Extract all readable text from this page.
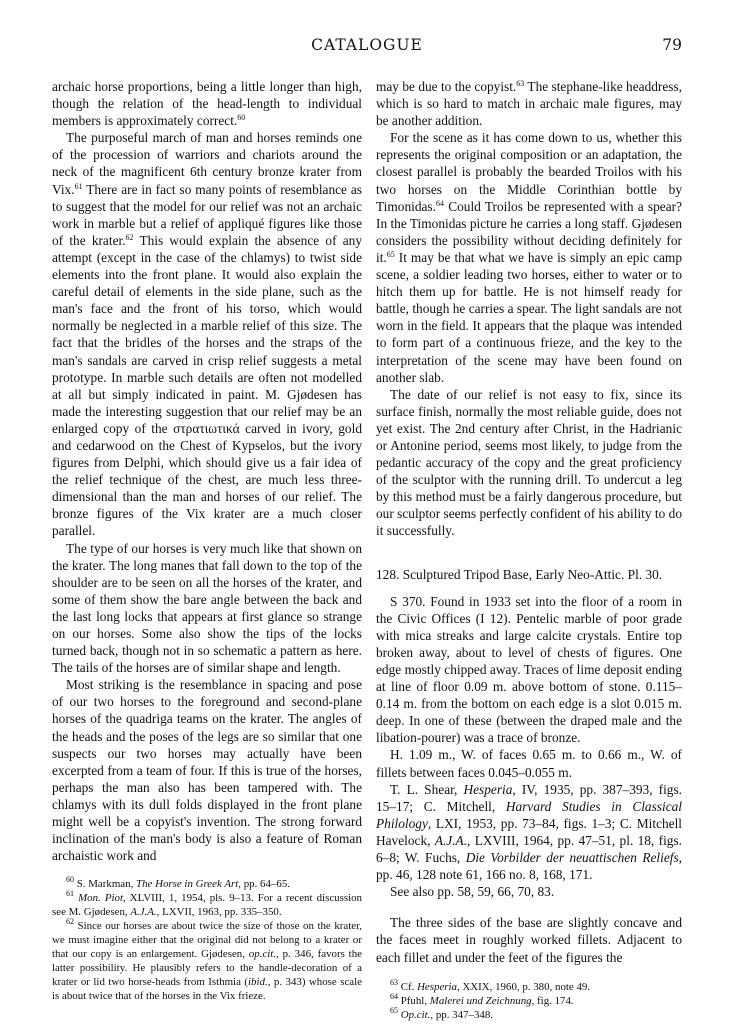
CATALOGUE	79

archaic horse proportions, being a little longer than high, though the relation of the head-length to individual members is approximately correct.$^{60}$

The purposeful march of man and horses reminds one of the procession of warriors and chariots around the neck of the magnificent 6th century bronze krater from Vix.$^{61}$ There are in fact so many points of resemblance as to suggest that the model for our relief was not an archaic work in marble but a relief of appliqué figures like those of the krater.$^{62}$ This would explain the absence of any attempt (except in the case of the chlamys) to twist side elements into the front plane. It would also explain the careful detail of elements in the side plane, such as the man's face and the front of his torso, which would normally be neglected in a marble relief of this size. The fact that the bridles of the horses and the straps of the man's sandals are carved in crisp relief suggests a metal prototype. In marble such details are often not modelled at all but simply indicated in paint. M. Gjødesen has made the interesting suggestion that our relief may be an enlarged copy of the στρατιωτικά carved in ivory, gold and cedarwood on the Chest of Kypselos, but the ivory figures from Delphi, which should give us a fair idea of the relief technique of the chest, are much less three-dimensional than the man and horses of our relief. The bronze figures of the Vix krater are a much closer parallel.

The type of our horses is very much like that shown on the krater. The long manes that fall down to the top of the shoulder are to be seen on all the horses of the krater, and some of them show the bare angle between the back and the last long locks that appears at first glance so strange on our horses. Some also show the tips of the locks turned back, though not in so schematic a pattern as here. The tails of the horses are of similar shape and length.

Most striking is the resemblance in spacing and pose of our two horses to the foreground and second-plane horses of the quadriga teams on the krater. The angles of the heads and the poses of the legs are so similar that one suspects our two horses may actually have been excerpted from a team of four. If this is true of the horses, perhaps the man also has been tampered with. The chlamys with its dull folds displayed in the front plane might well be a copyist's invention. The strong forward inclination of the man's body is also a feature of Roman archaistic work and

$^{60}$ S. Markman, The Horse in Greek Art, pp. 64–65.

$^{61}$ Mon. Piot, XLVIII, 1, 1954, pls. 9–13. For a recent discussion see M. Gjødesen, A.J.A., LXVII, 1963, pp. 335–350.

$^{62}$ Since our horses are about twice the size of those on the krater, we must imagine either that the original did not belong to a krater or that our copy is an enlargement. Gjødesen, op.cit., p. 346, favors the latter possibility. He plausibly refers to the handle-decoration of a krater or lid two horse-heads from Isthmia (ibid., p. 343) whose scale is about twice that of the horses in the Vix frieze.

may be due to the copyist.$^{63}$ The stephane-like headdress, which is so hard to match in archaic male figures, may be another addition.

For the scene as it has come down to us, whether this represents the original composition or an adaptation, the closest parallel is probably the bearded Troilos with his two horses on the Middle Corinthian bottle by Timonidas.$^{64}$ Could Troilos be represented with a spear? In the Timonidas picture he carries a long staff. Gjødesen considers the possibility without deciding definitely for it.$^{65}$ It may be that what we have is simply an epic camp scene, a soldier leading two horses, either to water or to hitch them up for battle. He is not himself ready for battle, though he carries a spear. The light sandals are not worn in the field. It appears that the plaque was intended to form part of a continuous frieze, and the key to the interpretation of the scene may have been found on another slab.

The date of our relief is not easy to fix, since its surface finish, normally the most reliable guide, does not yet exist. The 2nd century after Christ, in the Hadrianic or Antonine period, seems most likely, to judge from the pedantic accuracy of the copy and the great proficiency of the sculptor with the running drill. To undercut a leg by this method must be a fairly dangerous procedure, but our sculptor seems perfectly confident of his ability to do it successfully.

128. Sculptured Tripod Base, Early Neo-Attic. Pl. 30.

S 370. Found in 1933 set into the floor of a room in the Civic Offices (I 12). Pentelic marble of poor grade with mica streaks and large calcite crystals. Entire top broken away, about to level of chests of figures. One edge mostly chipped away. Traces of lime deposit ending at line of floor 0.09 m. above bottom of stone. 0.115–0.14 m. from the bottom on each edge is a slot 0.015 m. deep. In one of these (between the draped male and the libation-pourer) was a trace of bronze.

H. 1.09 m., W. of faces 0.65 m. to 0.66 m., W. of fillets between faces 0.045–0.055 m.

T. L. Shear, Hesperia, IV, 1935, pp. 387–393, figs. 15–17; C. Mitchell, Harvard Studies in Classical Philology, LXI, 1953, pp. 73–84, figs. 1–3; C. Mitchell Havelock, A.J.A., LXVIII, 1964, pp. 47–51, pl. 18, figs. 6–8; W. Fuchs, Die Vorbilder der neuattischen Reliefs, pp. 46, 128 note 61, 166 no. 8, 168, 171.

See also pp. 58, 59, 66, 70, 83.

The three sides of the base are slightly concave and the faces meet in roughly worked fillets. Adjacent to each fillet and under the feet of the figures the

$^{63}$ Cf. Hesperia, XXIX, 1960, p. 380, note 49.

$^{64}$ Pfuhl, Malerei und Zeichnung, fig. 174.

$^{65}$ Op.cit., pp. 347–348.
